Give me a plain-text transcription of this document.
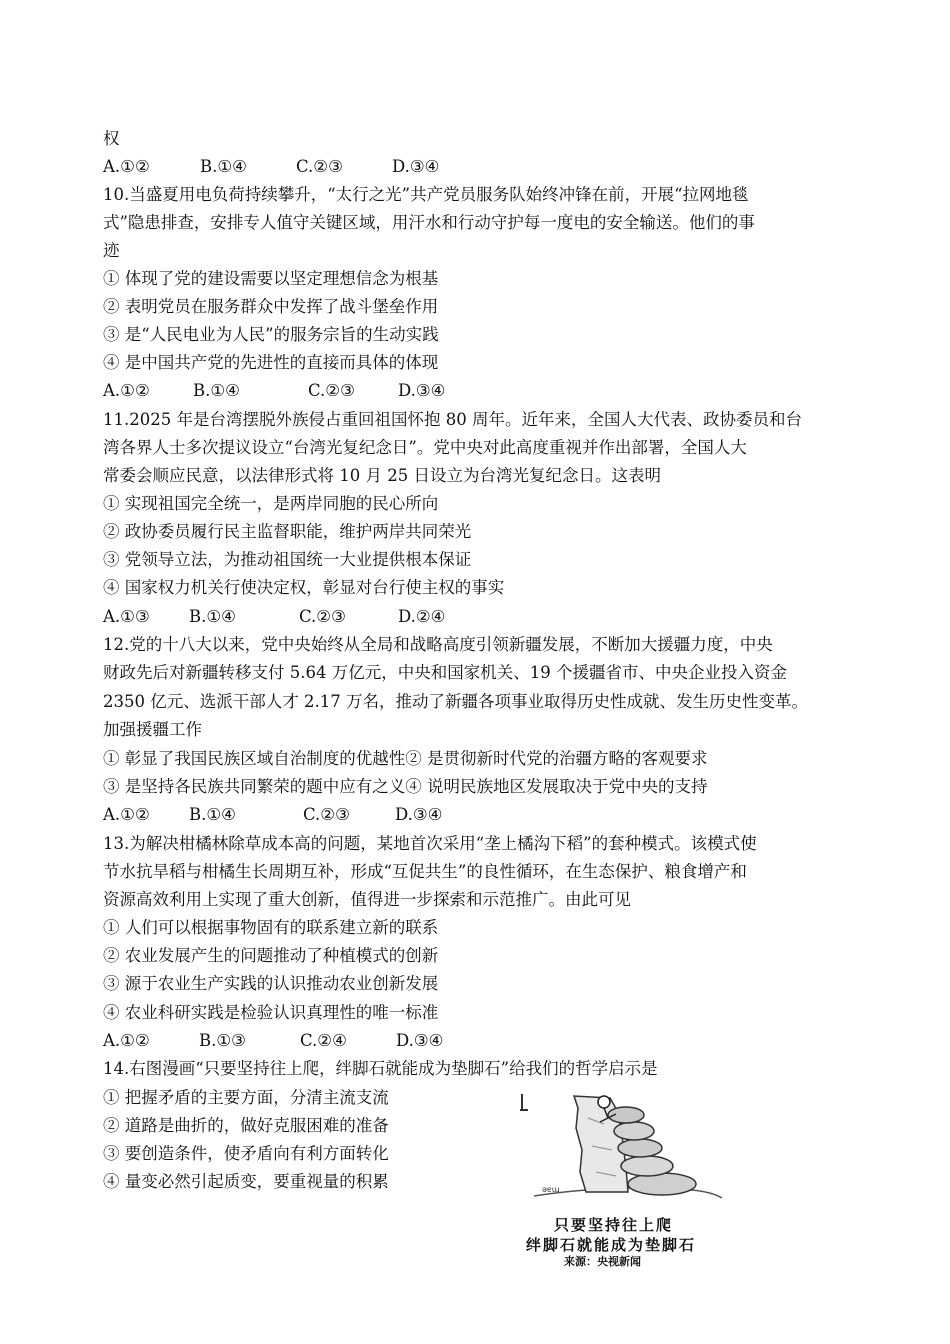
权
A.①②	B.①④	C.②③	D.③④
10.当盛夏用电负荷持续攀升，“太行之光”共产党员服务队始终冲锋在前，开展“拉网地毯
式”隐患排查，安排专人值守关键区域，用汗水和行动守护每一度电的安全输送。他们的事
迹
① 体现了党的建设需要以坚定理想信念为根基
② 表明党员在服务群众中发挥了战斗堡垒作用
③ 是“人民电业为人民”的服务宗旨的生动实践
④ 是中国共产党的先进性的直接而具体的体现
A.①②	B.①④	C.②③	D.③④
11.2025 年是台湾摆脱外族侵占重回祖国怀抱 80 周年。近年来，全国人大代表、政协委员和台
湾各界人士多次提议设立“台湾光复纪念日”。党中央对此高度重视并作出部署，全国人大
常委会顺应民意，以法律形式将 10 月 25 日设立为台湾光复纪念日。这表明
① 实现祖国完全统一，是两岸同胞的民心所向
② 政协委员履行民主监督职能，维护两岸共同荣光
③ 党领导立法，为推动祖国统一大业提供根本保证
④ 国家权力机关行使决定权，彰显对台行使主权的事实
A.①③ B.①④	C.②③	D.②④
12.党的十八大以来，党中央始终从全局和战略高度引领新疆发展，不断加大援疆力度，中央
财政先后对新疆转移支付 5.64 万亿元，中央和国家机关、19 个援疆省市、中央企业投入资金
2350 亿元、选派干部人才 2.17 万名，推动了新疆各项事业取得历史性成就、发生历史性变革。
加强援疆工作
① 彰显了我国民族区域自治制度的优越性② 是贯彻新时代党的治疆方略的客观要求
③ 是坚持各民族共同繁荣的题中应有之义④ 说明民族地区发展取决于党中央的支持
A.①② B.①④	C.②③	D.③④
13.为解决柑橘林除草成本高的问题，某地首次采用“垄上橘沟下稻”的套种模式。该模式使
节水抗旱稻与柑橘生长周期互补，形成“互促共生”的良性循环，在生态保护、粮食增产和
资源高效利用上实现了重大创新，值得进一步探索和示范推广。由此可见
① 人们可以根据事物固有的联系建立新的联系
② 农业发展产生的问题推动了种植模式的创新
③ 源于农业生产实践的认识推动农业创新发展
④ 农业科研实践是检验认识真理性的唯一标准
A.①②	B.①③	C.②④	D.③④
14.右图漫画“只要坚持往上爬，绊脚石就能成为垫脚石”给我们的哲学启示是
① 把握矛盾的主要方面，分清主流支流
② 道路是曲折的，做好克服困难的准备
③ 要创造条件，使矛盾向有利方面转化
④ 量变必然引起质变，要重视量的积累	ǝɐɯ
只要坚持往上爬
绊脚石就能成为垫脚石
来源：央视新闻
